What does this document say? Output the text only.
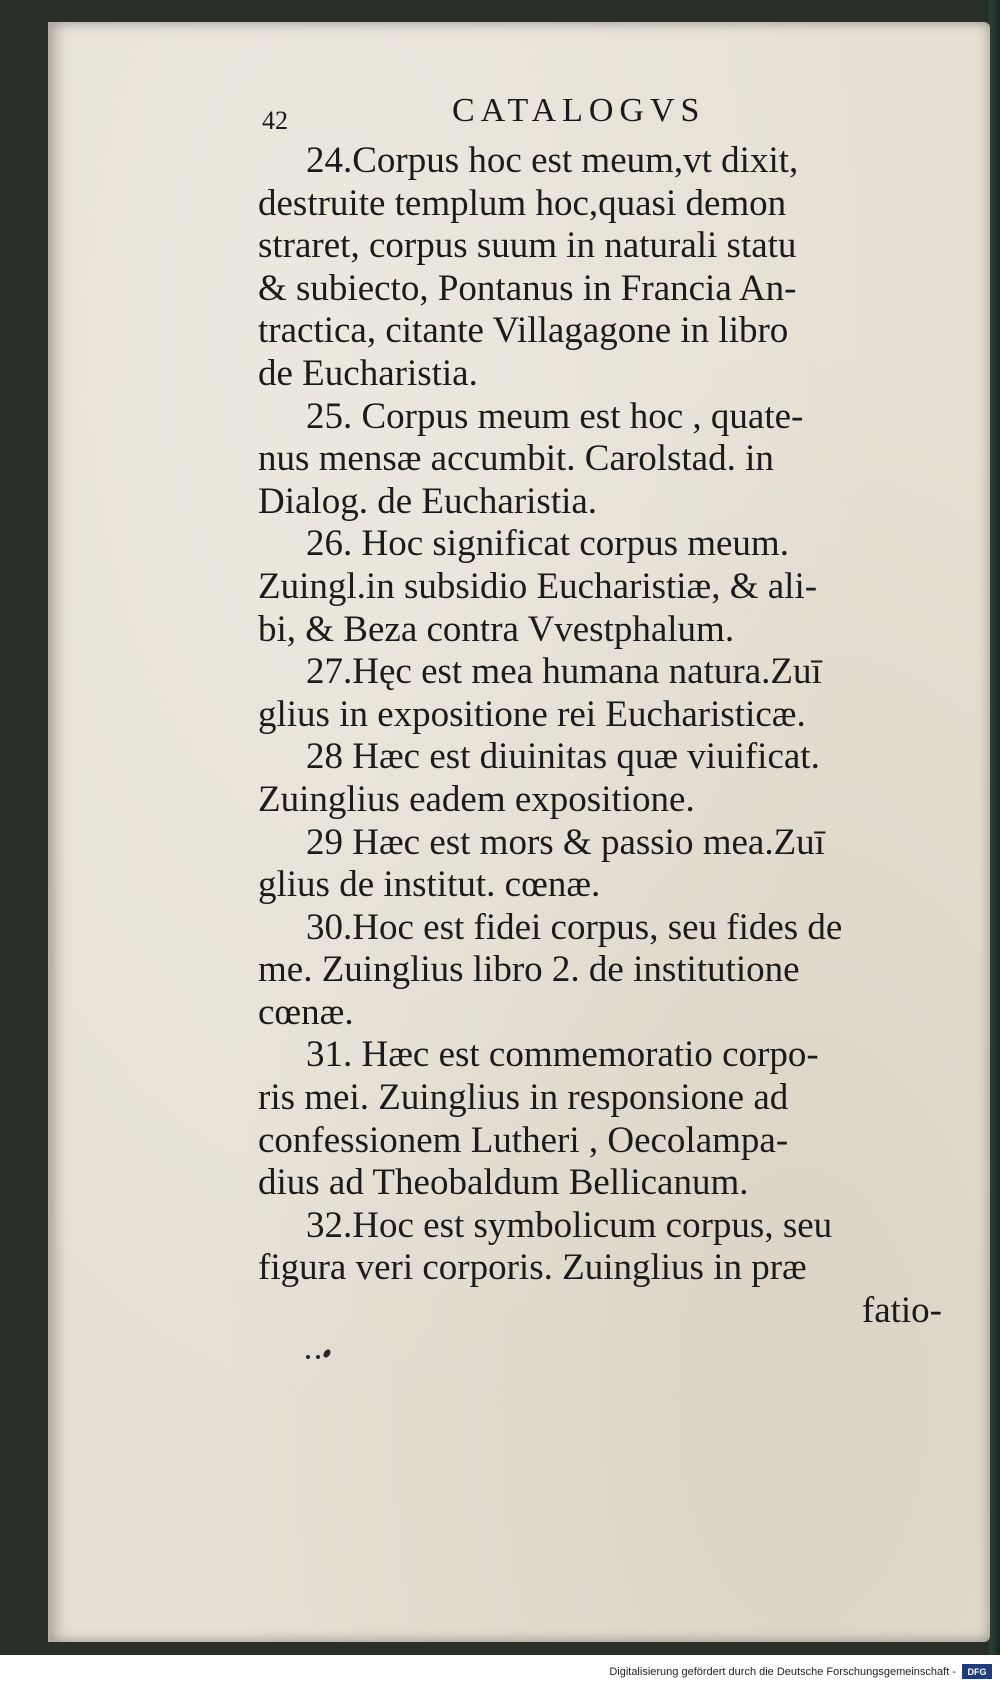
42	CATALOGVS

24.Corpus hoc est meum,vt dixit,
destruite templum hoc,quasi demon
straret, corpus suum in naturali statu
& subiecto, Pontanus in Francia An-
tractica, citante Villagagone in libro
de Eucharistia.

25. Corpus meum est hoc , quate-
nus mensæ accumbit. Carolstad. in
Dialog. de Eucharistia.

26. Hoc significat corpus meum.
Zuingl.in subsidio Eucharistiæ, & ali-
bi, & Beza contra Vvestphalum.

27.Hęc est mea humana natura.Zuī
glius in expositione rei Eucharisticæ.

28 Hæc est diuinitas quæ viuificat.
Zuinglius eadem expositione.

29 Hæc est mors & passio mea.Zuī
glius de institut. cœnæ.

30.Hoc est fidei corpus, seu fides de
me. Zuinglius libro 2. de institutione
cœnæ.

31. Hæc est commemoratio corpo-
ris mei. Zuinglius in responsione ad
confessionem Lutheri , Oecolampa-
dius ad Theobaldum Bellicanum.

32.Hoc est symbolicum corpus, seu
figura veri corporis. Zuinglius in præ

fatio-
Digitalisierung gefördert durch die Deutsche Forschungsgemeinschaft -	DFG
